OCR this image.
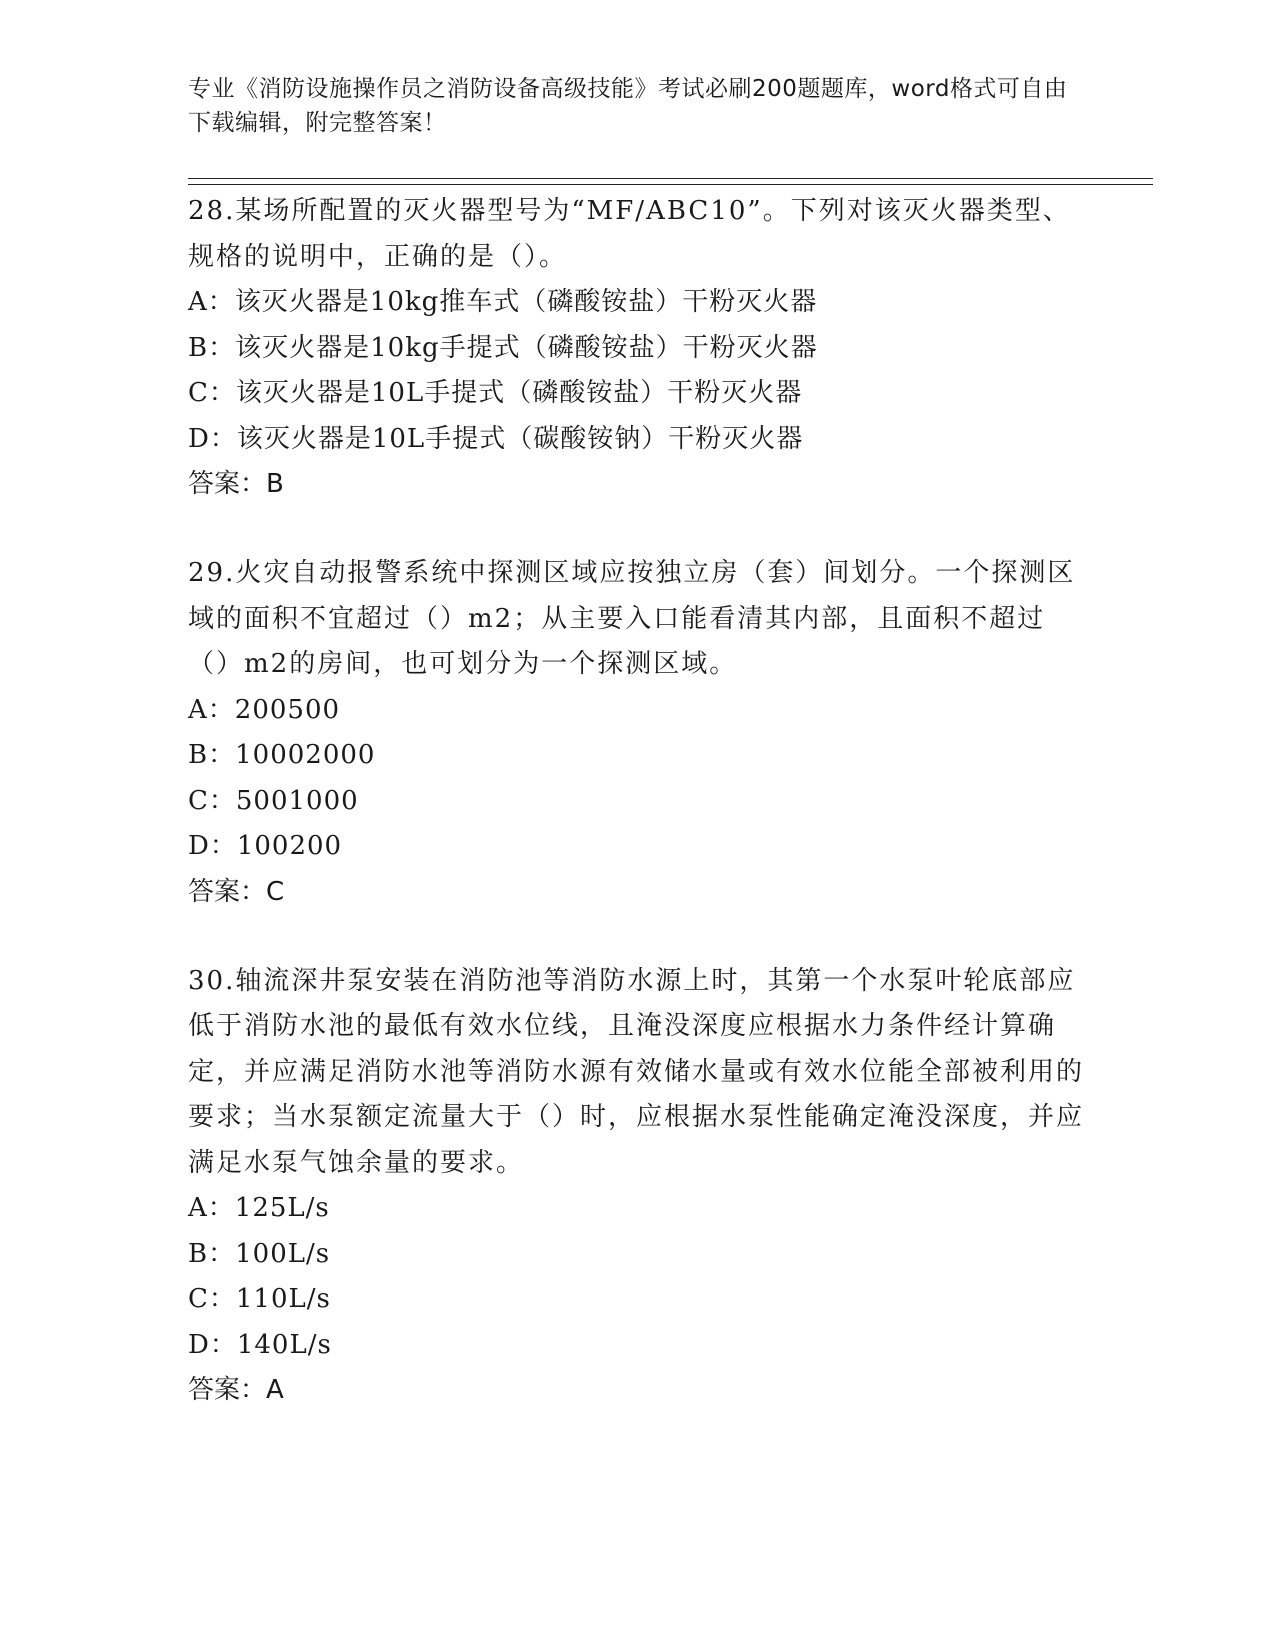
专业《消防设施操作员之消防设备高级技能》考试必刷200题题库，word格式可自由下载编辑，附完整答案！
28.某场所配置的灭火器型号为“MF/ABC10”。下列对该灭火器类型、规格的说明中，正确的是（）。
A：该灭火器是10kg推车式（磷酸铵盐）干粉灭火器
B：该灭火器是10kg手提式（磷酸铵盐）干粉灭火器
C：该灭火器是10L手提式（磷酸铵盐）干粉灭火器
D：该灭火器是10L手提式（碳酸铵钠）干粉灭火器
答案：B
29.火灾自动报警系统中探测区域应按独立房（套）间划分。一个探测区域的面积不宜超过（）m2；从主要入口能看清其内部，且面积不超过（）m2的房间，也可划分为一个探测区域。
A：200500
B：10002000
C：5001000
D：100200
答案：C
30.轴流深井泵安装在消防池等消防水源上时，其第一个水泵叶轮底部应低于消防水池的最低有效水位线，且淹没深度应根据水力条件经计算确定，并应满足消防水池等消防水源有效储水量或有效水位能全部被利用的要求；当水泵额定流量大于（）时，应根据水泵性能确定淹没深度，并应满足水泵气蚀余量的要求。
A：125L/s
B：100L/s
C：110L/s
D：140L/s
答案：A
